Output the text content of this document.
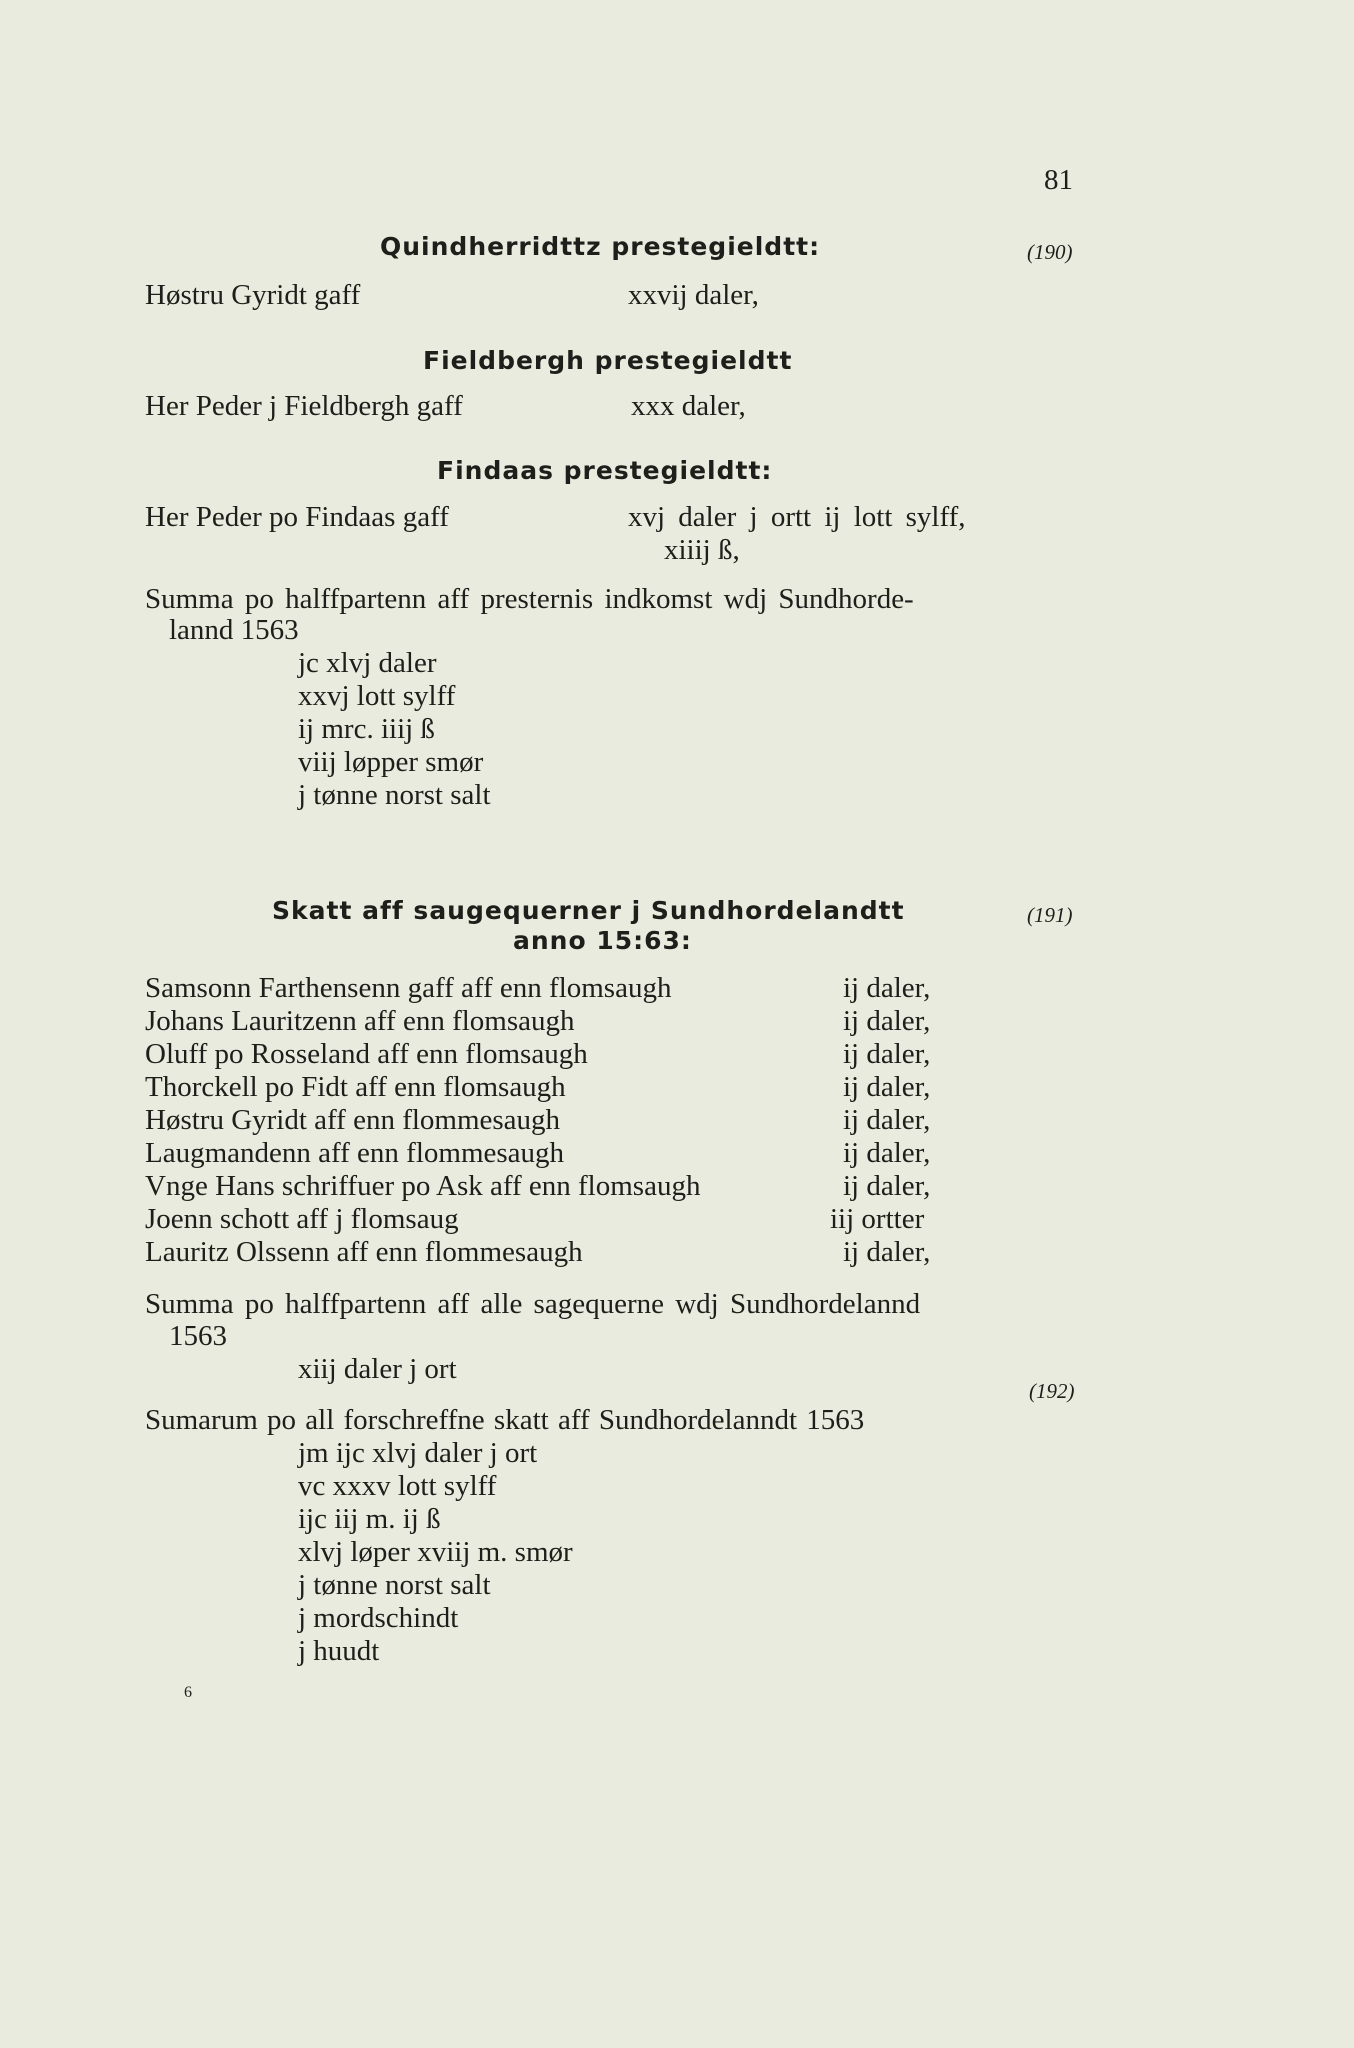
81
Quindherridttz prestegieldtt:	(190)
Høstru Gyridt gaff	xxvij daler,
Fieldbergh prestegieldtt
Her Peder j Fieldbergh gaff	xxx daler,
Findaas prestegieldtt:
Her Peder po Findaas gaff	xvj daler j ortt ij lott sylff,
xiiij ß,
Summa po halffpartenn aff presternis indkomst wdj Sundhorde-
lannd 1563
jc xlvj daler
xxvj lott sylff
ij mrc. iiij ß
viij løpper smør
j tønne norst salt
Skatt aff saugequerner j Sundhordelandtt
anno 15:63:
(191)
Samsonn Farthensenn gaff aff enn flomsaugh	ij daler,
Johans Lauritzenn aff enn flomsaugh	ij daler,
Oluff po Rosseland aff enn flomsaugh	ij daler,
Thorckell po Fidt aff enn flomsaugh	ij daler,
Høstru Gyridt aff enn flommesaugh	ij daler,
Laugmandenn aff enn flommesaugh	ij daler,
Vnge Hans schriffuer po Ask aff enn flomsaugh	ij daler,
Joenn schott aff j flomsaug	iij ortter
Lauritz Olssenn aff enn flommesaugh	ij daler,
Summa po halffpartenn aff alle sagequerne wdj Sundhordelannd
1563
xiij daler j ort
(192)
Sumarum po all forschreffne skatt aff Sundhordelanndt 1563
jm ijc xlvj daler j ort
vc xxxv lott sylff
ijc iij m. ij ß
xlvj løper xviij m. smør
j tønne norst salt
j mordschindt
j huudt
6
